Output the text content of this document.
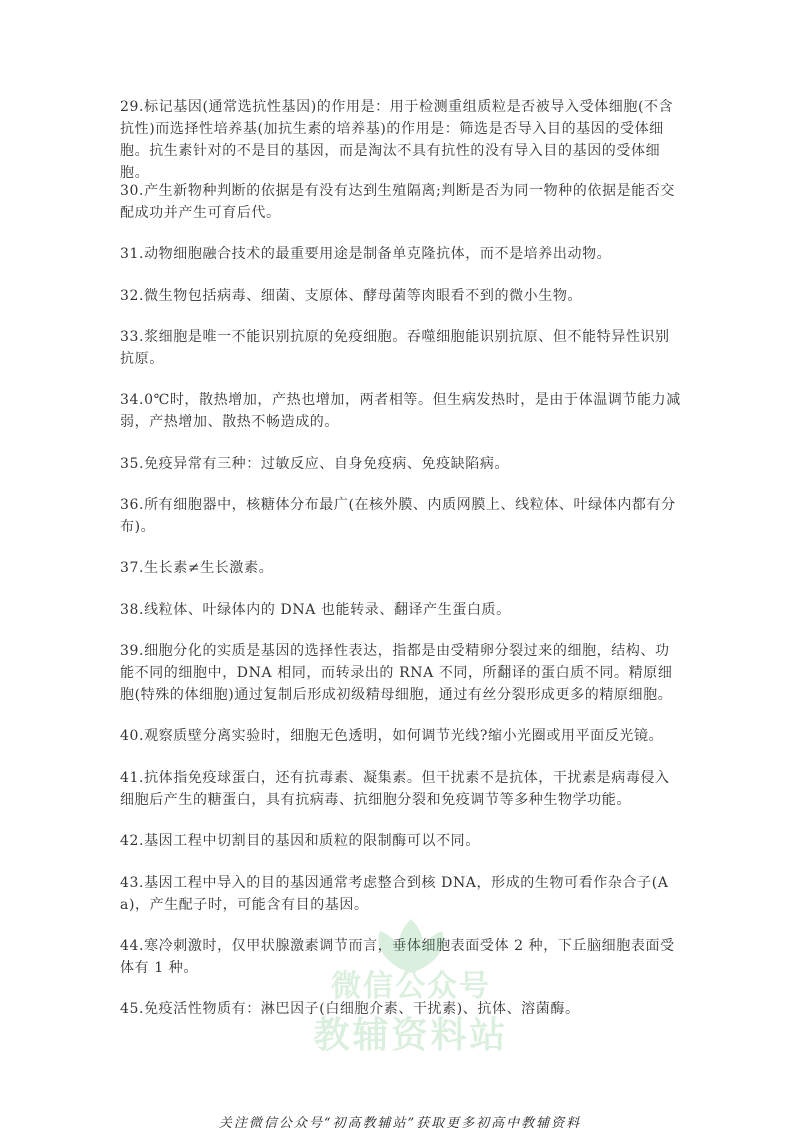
29.标记基因(通常选抗性基因)的作用是：用于检测重组质粒是否被导入受体细胞(不含抗性)而选择性培养基(加抗生素的培养基)的作用是：筛选是否导入目的基因的受体细胞。抗生素针对的不是目的基因，而是淘汰不具有抗性的没有导入目的基因的受体细胞。

30.产生新物种判断的依据是有没有达到生殖隔离;判断是否为同一物种的依据是能否交配成功并产生可育后代。

31.动物细胞融合技术的最重要用途是制备单克隆抗体，而不是培养出动物。

32.微生物包括病毒、细菌、支原体、酵母菌等肉眼看不到的微小生物。

33.浆细胞是唯一不能识别抗原的免疫细胞。吞噬细胞能识别抗原、但不能特异性识别抗原。

34.0℃时，散热增加，产热也增加，两者相等。但生病发热时，是由于体温调节能力减弱，产热增加、散热不畅造成的。

35.免疫异常有三种：过敏反应、自身免疫病、免疫缺陷病。

36.所有细胞器中，核糖体分布最广(在核外膜、内质网膜上、线粒体、叶绿体内都有分布)。

37.生长素≠生长激素。

38.线粒体、叶绿体内的 DNA 也能转录、翻译产生蛋白质。

39.细胞分化的实质是基因的选择性表达，指都是由受精卵分裂过来的细胞，结构、功能不同的细胞中，DNA 相同，而转录出的 RNA 不同，所翻译的蛋白质不同。精原细胞(特殊的体细胞)通过复制后形成初级精母细胞，通过有丝分裂形成更多的精原细胞。

40.观察质壁分离实验时，细胞无色透明，如何调节光线?缩小光圈或用平面反光镜。

41.抗体指免疫球蛋白，还有抗毒素、凝集素。但干扰素不是抗体，干扰素是病毒侵入细胞后产生的糖蛋白，具有抗病毒、抗细胞分裂和免疫调节等多种生物学功能。

42.基因工程中切割目的基因和质粒的限制酶可以不同。

43.基因工程中导入的目的基因通常考虑整合到核 DNA，形成的生物可看作杂合子(Aa)，产生配子时，可能含有目的基因。

44.寒冷刺激时，仅甲状腺激素调节而言，垂体细胞表面受体 2 种，下丘脑细胞表面受体有 1 种。

45.免疫活性物质有：淋巴因子(白细胞介素、干扰素)、抗体、溶菌酶。

微信公众号
教辅资料站
关注微信公众号“初高教辅站”获取更多初高中教辅资料
